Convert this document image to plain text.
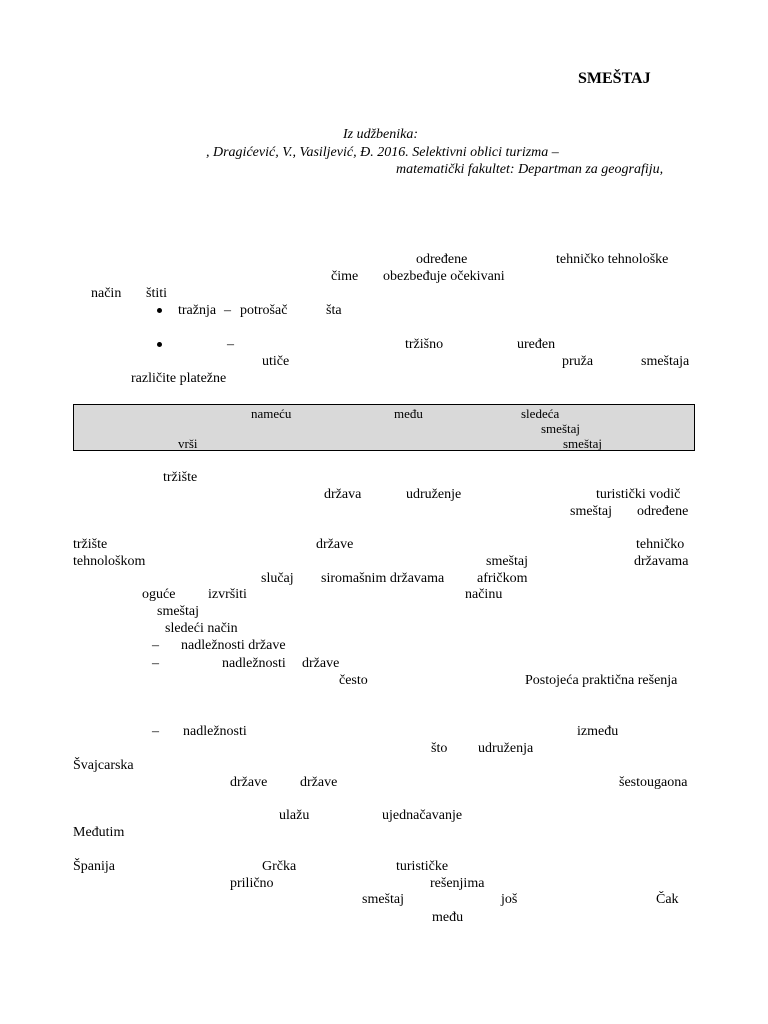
SMEŠTAJ
Iz udžbenika:
, Dragićević, V., Vasiljević, Đ. 2016. Selektivni oblici turizma –
matematički fakultet: Departman za geografiju,
određene	tehničko tehnološke
čime obezbeđuje očekivani
način štiti
tražnja – potrošač	šta
–	tržišno	uređen
utiče	pruža	smeštaja
različite platežne
nameću	među	sledeća
smeštaj
vrši	smeštaj
tržište
država	udruženje	turistički vodič
smeštaj određene
tržište	države	tehničko
tehnološkom	smeštaj	državama
slučaj siromašnim državama afričkom
oguće izvršiti	načinu
smeštaj
sledeći način
– nadležnosti države
–	nadležnosti države
često	Postojeća praktična rešenja
– nadležnosti	između
što udruženja
Švajcarska
države države	šestougaona
ulažu	ujednačavanje
Međutim
Španija	Grčka	turističke
prilično	rešenjima
smeštaj	još	Čak
među
